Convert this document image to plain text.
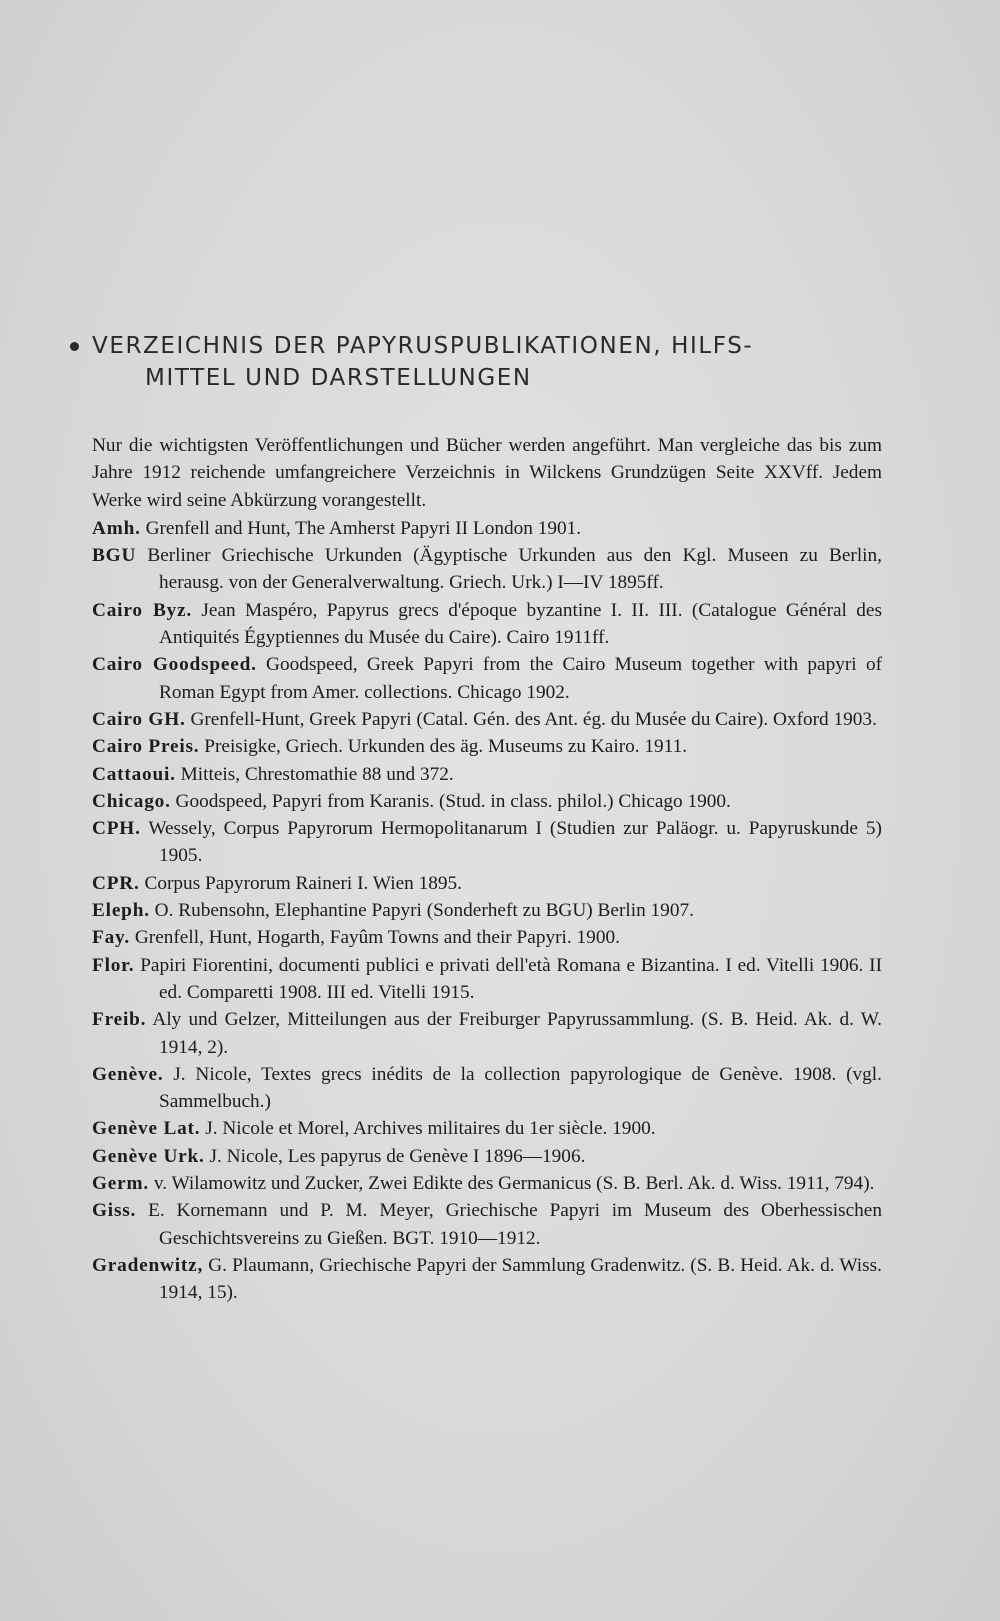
VERZEICHNIS DER PAPYRUSPUBLIKATIONEN, HILFS-
MITTEL UND DARSTELLUNGEN

Nur die wichtigsten Veröffentlichungen und Bücher werden angeführt. Man vergleiche das bis zum Jahre 1912 reichende umfangreichere Verzeichnis in Wilckens Grundzügen Seite XXVff. Jedem Werke wird seine Abkürzung vorangestellt.

Amh. Grenfell and Hunt, The Amherst Papyri II London 1901.

BGU Berliner Griechische Urkunden (Ägyptische Urkunden aus den Kgl. Museen zu Berlin, herausg. von der Generalverwaltung. Griech. Urk.) I—IV 1895ff.

Cairo Byz. Jean Maspéro, Papyrus grecs d'époque byzantine I. II. III. (Catalogue Général des Antiquités Égyptiennes du Musée du Caire). Cairo 1911ff.

Cairo Goodspeed. Goodspeed, Greek Papyri from the Cairo Museum together with papyri of Roman Egypt from Amer. collections. Chicago 1902.

Cairo GH. Grenfell-Hunt, Greek Papyri (Catal. Gén. des Ant. ég. du Musée du Caire). Oxford 1903.

Cairo Preis. Preisigke, Griech. Urkunden des äg. Museums zu Kairo. 1911.

Cattaoui. Mitteis, Chrestomathie 88 und 372.

Chicago. Goodspeed, Papyri from Karanis. (Stud. in class. philol.) Chicago 1900.

CPH. Wessely, Corpus Papyrorum Hermopolitanarum I (Studien zur Paläogr. u. Papyruskunde 5) 1905.

CPR. Corpus Papyrorum Raineri I. Wien 1895.

Eleph. O. Rubensohn, Elephantine Papyri (Sonderheft zu BGU) Berlin 1907.

Fay. Grenfell, Hunt, Hogarth, Fayûm Towns and their Papyri. 1900.

Flor. Papiri Fiorentini, documenti publici e privati dell'età Romana e Bizantina. I ed. Vitelli 1906. II ed. Comparetti 1908. III ed. Vitelli 1915.

Freib. Aly und Gelzer, Mitteilungen aus der Freiburger Papyrussammlung. (S. B. Heid. Ak. d. W. 1914, 2).

Genève. J. Nicole, Textes grecs inédits de la collection papyrologique de Genève. 1908. (vgl. Sammelbuch.)

Genève Lat. J. Nicole et Morel, Archives militaires du 1er siècle. 1900.

Genève Urk. J. Nicole, Les papyrus de Genève I 1896—1906.

Germ. v. Wilamowitz und Zucker, Zwei Edikte des Germanicus (S. B. Berl. Ak. d. Wiss. 1911, 794).

Giss. E. Kornemann und P. M. Meyer, Griechische Papyri im Museum des Oberhessischen Geschichtsvereins zu Gießen. BGT. 1910—1912.

Gradenwitz, G. Plaumann, Griechische Papyri der Sammlung Gradenwitz. (S. B. Heid. Ak. d. Wiss. 1914, 15).
